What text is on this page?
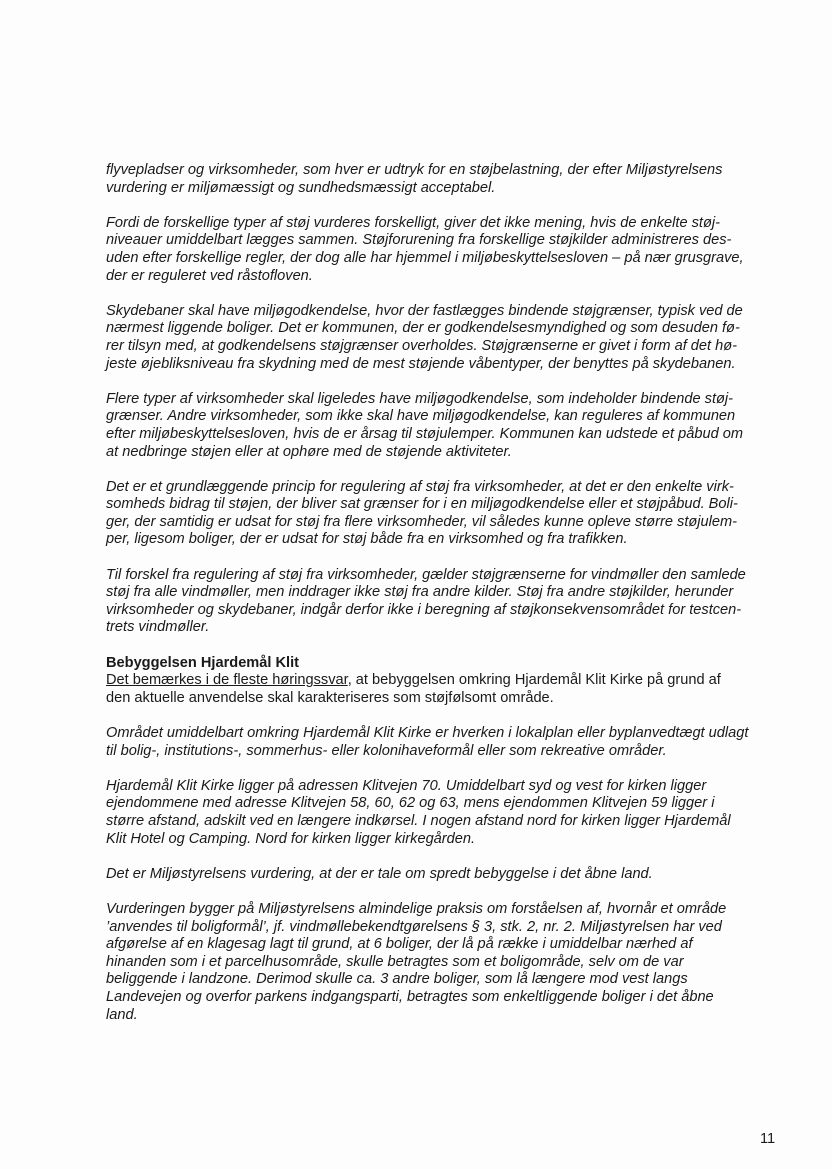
flyvepladser og virksomheder, som hver er udtryk for en støjbelastning, der efter Miljøstyrelsens
vurdering er miljømæssigt og sundhedsmæssigt acceptabel.

Fordi de forskellige typer af støj vurderes forskelligt, giver det ikke mening, hvis de enkelte støj-
niveauer umiddelbart lægges sammen. Støjforurening fra forskellige støjkilder administreres des-
uden efter forskellige regler, der dog alle har hjemmel i miljøbeskyttelsesloven – på nær grusgrave,
der er reguleret ved råstofloven.

Skydebaner skal have miljøgodkendelse, hvor der fastlægges bindende støjgrænser, typisk ved de
nærmest liggende boliger. Det er kommunen, der er godkendelsesmyndighed og som desuden fø-
rer tilsyn med, at godkendelsens støjgrænser overholdes. Støjgrænserne er givet i form af det hø-
jeste øjebliksniveau fra skydning med de mest støjende våbentyper, der benyttes på skydebanen.

Flere typer af virksomheder skal ligeledes have miljøgodkendelse, som indeholder bindende støj-
grænser. Andre virksomheder, som ikke skal have miljøgodkendelse, kan reguleres af kommunen
efter miljøbeskyttelsesloven, hvis de er årsag til støjulemper. Kommunen kan udstede et påbud om
at nedbringe støjen eller at ophøre med de støjende aktiviteter.

Det er et grundlæggende princip for regulering af støj fra virksomheder, at det er den enkelte virk-
somheds bidrag til støjen, der bliver sat grænser for i en miljøgodkendelse eller et støjpåbud. Boli-
ger, der samtidig er udsat for støj fra flere virksomheder, vil således kunne opleve større støjulem-
per, ligesom boliger, der er udsat for støj både fra en virksomhed og fra trafikken.

Til forskel fra regulering af støj fra virksomheder, gælder støjgrænserne for vindmøller den samlede
støj fra alle vindmøller, men inddrager ikke støj fra andre kilder. Støj fra andre støjkilder, herunder
virksomheder og skydebaner, indgår derfor ikke i beregning af støjkonsekvensområdet for testcen-
trets vindmøller.

Bebyggelsen Hjardemål Klit

Det bemærkes i de fleste høringssvar, at bebyggelsen omkring Hjardemål Klit Kirke på grund af
den aktuelle anvendelse skal karakteriseres som støjfølsomt område.

Området umiddelbart omkring Hjardemål Klit Kirke er hverken i lokalplan eller byplanvedtægt udlagt
til bolig-, institutions-, sommerhus- eller kolonihaveformål eller som rekreative områder.

Hjardemål Klit Kirke ligger på adressen Klitvejen 70. Umiddelbart syd og vest for kirken ligger
ejendommene med adresse Klitvejen 58, 60, 62 og 63, mens ejendommen Klitvejen 59 ligger i
større afstand, adskilt ved en længere indkørsel. I nogen afstand nord for kirken ligger Hjardemål
Klit Hotel og Camping. Nord for kirken ligger kirkegården.

Det er Miljøstyrelsens vurdering, at der er tale om spredt bebyggelse i det åbne land.

Vurderingen bygger på Miljøstyrelsens almindelige praksis om forståelsen af, hvornår et område
’anvendes til boligformål’, jf. vindmøllebekendtgørelsens § 3, stk. 2, nr. 2. Miljøstyrelsen har ved
afgørelse af en klagesag lagt til grund, at 6 boliger, der lå på række i umiddelbar nærhed af
hinanden som i et parcelhusområde, skulle betragtes som et boligområde, selv om de var
beliggende i landzone. Derimod skulle ca. 3 andre boliger, som lå længere mod vest langs
Landevejen og overfor parkens indgangsparti, betragtes som enkeltliggende boliger i det åbne
land.

11
